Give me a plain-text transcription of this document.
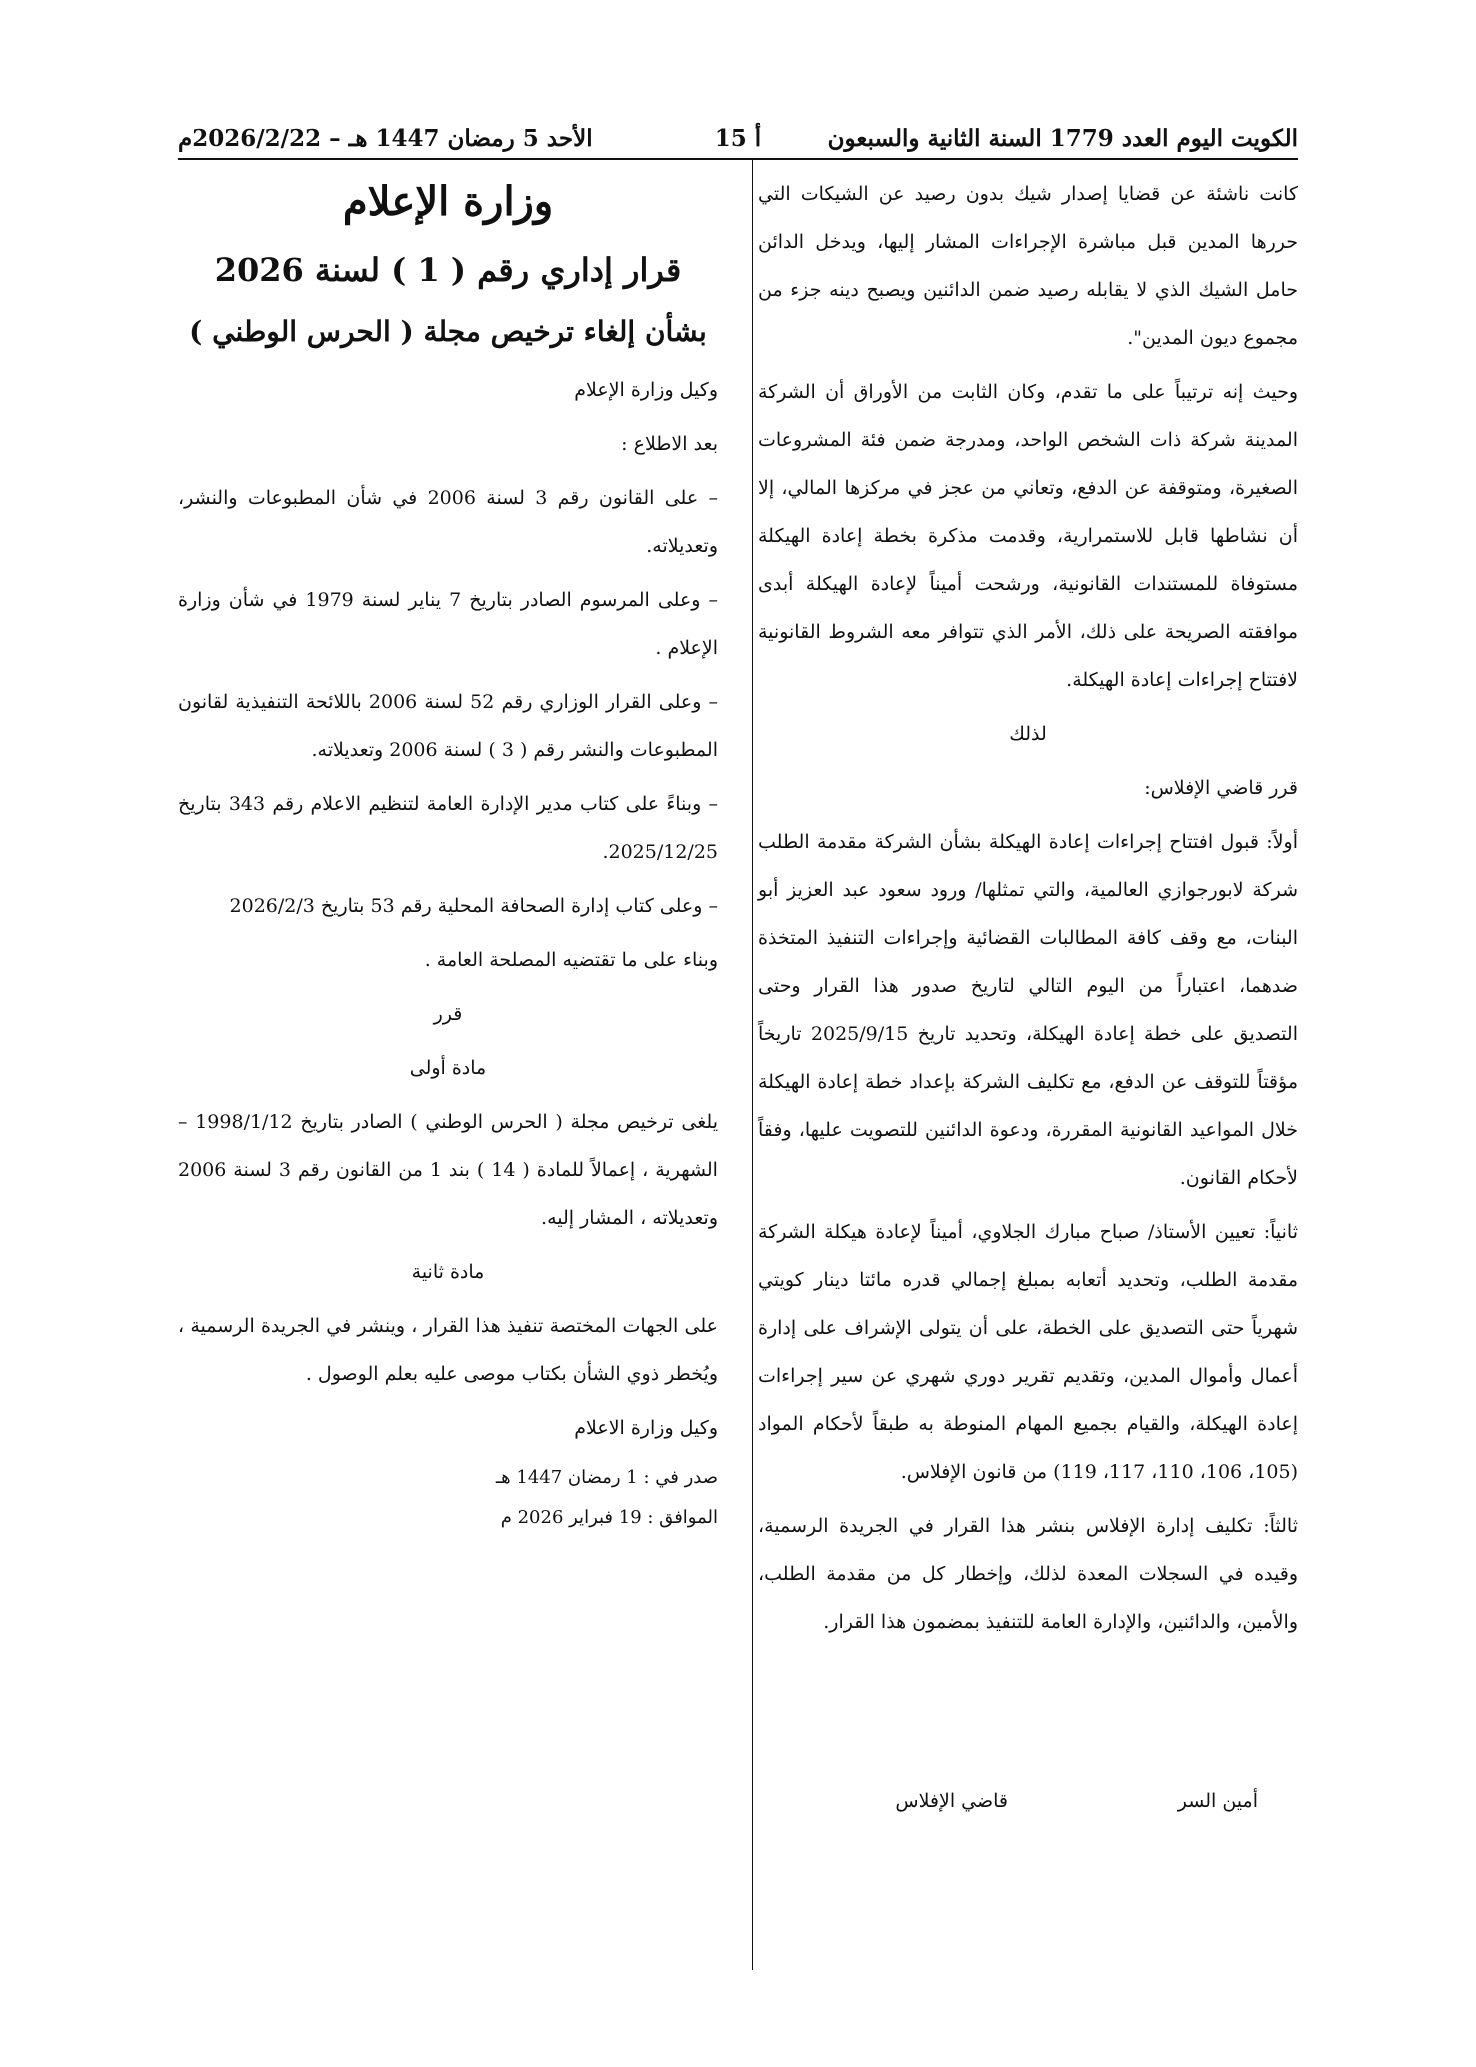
الكويت اليوم العدد 1779 السنة الثانية والسبعون
أ 15
الأحد 5 رمضان 1447 هـ – 2026/2/22م

كانت ناشئة عن قضايا إصدار شيك بدون رصيد عن الشيكات التي حررها المدين قبل مباشرة الإجراءات المشار إليها، ويدخل الدائن حامل الشيك الذي لا يقابله رصيد ضمن الدائنين ويصبح دينه جزء من مجموع ديون المدين".

وحيث إنه ترتيباً على ما تقدم، وكان الثابت من الأوراق أن الشركة المدينة شركة ذات الشخص الواحد، ومدرجة ضمن فئة المشروعات الصغيرة، ومتوقفة عن الدفع، وتعاني من عجز في مركزها المالي، إلا أن نشاطها قابل للاستمرارية، وقدمت مذكرة بخطة إعادة الهيكلة مستوفاة للمستندات القانونية، ورشحت أميناً لإعادة الهيكلة أبدى موافقته الصريحة على ذلك، الأمر الذي تتوافر معه الشروط القانونية لافتتاح إجراءات إعادة الهيكلة.

لذلك

قرر قاضي الإفلاس:

أولاً: قبول افتتاح إجراءات إعادة الهيكلة بشأن الشركة مقدمة الطلب شركة لابورجوازي العالمية، والتي تمثلها/ ورود سعود عبد العزيز أبو البنات، مع وقف كافة المطالبات القضائية وإجراءات التنفيذ المتخذة ضدهما، اعتباراً من اليوم التالي لتاريخ صدور هذا القرار وحتى التصديق على خطة إعادة الهيكلة، وتحديد تاريخ 2025/9/15 تاريخاً مؤقتاً للتوقف عن الدفع، مع تكليف الشركة بإعداد خطة إعادة الهيكلة خلال المواعيد القانونية المقررة، ودعوة الدائنين للتصويت عليها، وفقاً لأحكام القانون.

ثانياً: تعيين الأستاذ/ صباح مبارك الجلاوي، أميناً لإعادة هيكلة الشركة مقدمة الطلب، وتحديد أتعابه بمبلغ إجمالي قدره مائتا دينار كويتي شهرياً حتى التصديق على الخطة، على أن يتولى الإشراف على إدارة أعمال وأموال المدين، وتقديم تقرير دوري شهري عن سير إجراءات إعادة الهيكلة، والقيام بجميع المهام المنوطة به طبقاً لأحكام المواد (105، 106، 110، 117، 119) من قانون الإفلاس.

ثالثاً: تكليف إدارة الإفلاس بنشر هذا القرار في الجريدة الرسمية، وقيده في السجلات المعدة لذلك، وإخطار كل من مقدمة الطلب، والأمين، والدائنين، والإدارة العامة للتنفيذ بمضمون هذا القرار.

أمين السر
قاضي الإفلاس

وزارة الإعلام

قرار إداري رقم ( 1 ) لسنة 2026

بشأن إلغاء ترخيص مجلة ( الحرس الوطني )

وكيل وزارة الإعلام

بعد الاطلاع :

– على القانون رقم 3 لسنة 2006 في شأن المطبوعات والنشر، وتعديلاته.

– وعلى المرسوم الصادر بتاريخ 7 يناير لسنة 1979 في شأن وزارة الإعلام .

– وعلى القرار الوزاري رقم 52 لسنة 2006 باللائحة التنفيذية لقانون المطبوعات والنشر رقم ( 3 ) لسنة 2006 وتعديلاته.

– وبناءً على كتاب مدير الإدارة العامة لتنظيم الاعلام رقم 343 بتاريخ 2025/12/25.

– وعلى كتاب إدارة الصحافة المحلية رقم 53 بتاريخ 2026/2/3

وبناء على ما تقتضيه المصلحة العامة .

قرر

مادة أولى

يلغى ترخيص مجلة ( الحرس الوطني ) الصادر بتاريخ 1998/1/12 – الشهرية ، إعمالاً للمادة ( 14 ) بند 1 من القانون رقم 3 لسنة 2006 وتعديلاته ، المشار إليه.

مادة ثانية

على الجهات المختصة تنفيذ هذا القرار ، وينشر في الجريدة الرسمية ، ويُخطر ذوي الشأن بكتاب موصى عليه بعلم الوصول .

وكيل وزارة الاعلام

صدر في : 1 رمضان 1447 هـ

الموافق : 19 فبراير 2026 م
